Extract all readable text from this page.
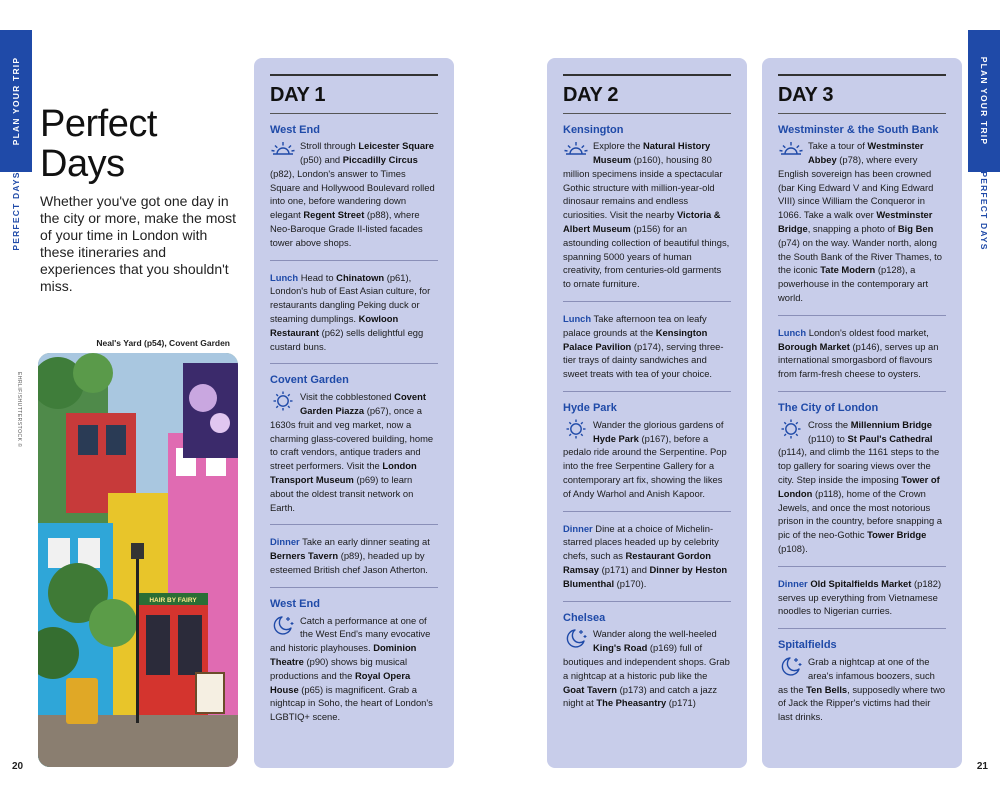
PLAN YOUR TRIP
PERFECT DAYS
PLAN YOUR TRIP
PERFECT DAYS
20	21
Perfect
Days
Whether you've got one day in the city or more, make the most of your time in London with these itineraries and experiences that you shouldn't miss.
Neal's Yard (p54), Covent Garden
EHRLIF/SHUTTERSTOCK ©
HAIR BY FAIRY
DAY 1
West End
Stroll through Leicester Square (p50) and Piccadilly Circus (p82), London's answer to Times Square and Hollywood Boulevard rolled into one, before wandering down elegant Regent Street (p88), where Neo-Baroque Grade II-listed facades tower above shops.
Lunch Head to Chinatown (p61), London's hub of East Asian culture, for restaurants dangling Peking duck or steaming dumplings. Kowloon Restaurant (p62) sells delightful egg custard buns.
Covent Garden
Visit the cobblestoned Covent Garden Piazza (p67), once a 1630s fruit and veg market, now a charming glass-covered building, home to craft vendors, antique traders and street performers. Visit the London Transport Museum (p69) to learn about the oldest transit network on Earth.
Dinner Take an early dinner seating at Berners Tavern (p89), headed up by esteemed British chef Jason Atherton.
West End
Catch a performance at one of the West End's many evocative and historic playhouses. Dominion Theatre (p90) shows big musical productions and the Royal Opera House (p65) is magnificent. Grab a nightcap in Soho, the heart of London's LGBTIQ+ scene.
DAY 2
Kensington
Explore the Natural History Museum (p160), housing 80 million specimens inside a spectacular Gothic structure with million-year-old dinosaur remains and endless curiosities. Visit the nearby Victoria & Albert Museum (p156) for an astounding collection of beautiful things, spanning 5000 years of human creativity, from centuries-old garments to ornate furniture.
Lunch Take afternoon tea on leafy palace grounds at the Kensington Palace Pavilion (p174), serving three-tier trays of dainty sandwiches and sweet treats with tea of your choice.
Hyde Park
Wander the glorious gardens of Hyde Park (p167), before a pedalo ride around the Serpentine. Pop into the free Serpentine Gallery for a contemporary art fix, showing the likes of Andy Warhol and Anish Kapoor.
Dinner Dine at a choice of Michelin-starred places headed up by celebrity chefs, such as Restaurant Gordon Ramsay (p171) and Dinner by Heston Blumenthal (p170).
Chelsea
Wander along the well-heeled King's Road (p169) full of boutiques and independent shops. Grab a nightcap at a historic pub like the Goat Tavern (p173) and catch a jazz night at The Pheasantry (p171)
DAY 3
Westminster & the South Bank
Take a tour of Westminster Abbey (p78), where every English sovereign has been crowned (bar King Edward V and King Edward VIII) since William the Conqueror in 1066. Take a walk over Westminster Bridge, snapping a photo of Big Ben (p74) on the way. Wander north, along the South Bank of the River Thames, to the iconic Tate Modern (p128), a powerhouse in the contemporary art world.
Lunch London's oldest food market, Borough Market (p146), serves up an international smorgasbord of flavours from farm-fresh cheese to oysters.
The City of London
Cross the Millennium Bridge (p110) to St Paul's Cathedral (p114), and climb the 1161 steps to the top gallery for soaring views over the city. Step inside the imposing Tower of London (p118), home of the Crown Jewels, and once the most notorious prison in the country, before snapping a pic of the neo-Gothic Tower Bridge (p108).
Dinner Old Spitalfields Market (p182) serves up everything from Vietnamese noodles to Nigerian curries.
Spitalfields
Grab a nightcap at one of the area's infamous boozers, such as the Ten Bells, supposedly where two of Jack the Ripper's victims had their last drinks.
